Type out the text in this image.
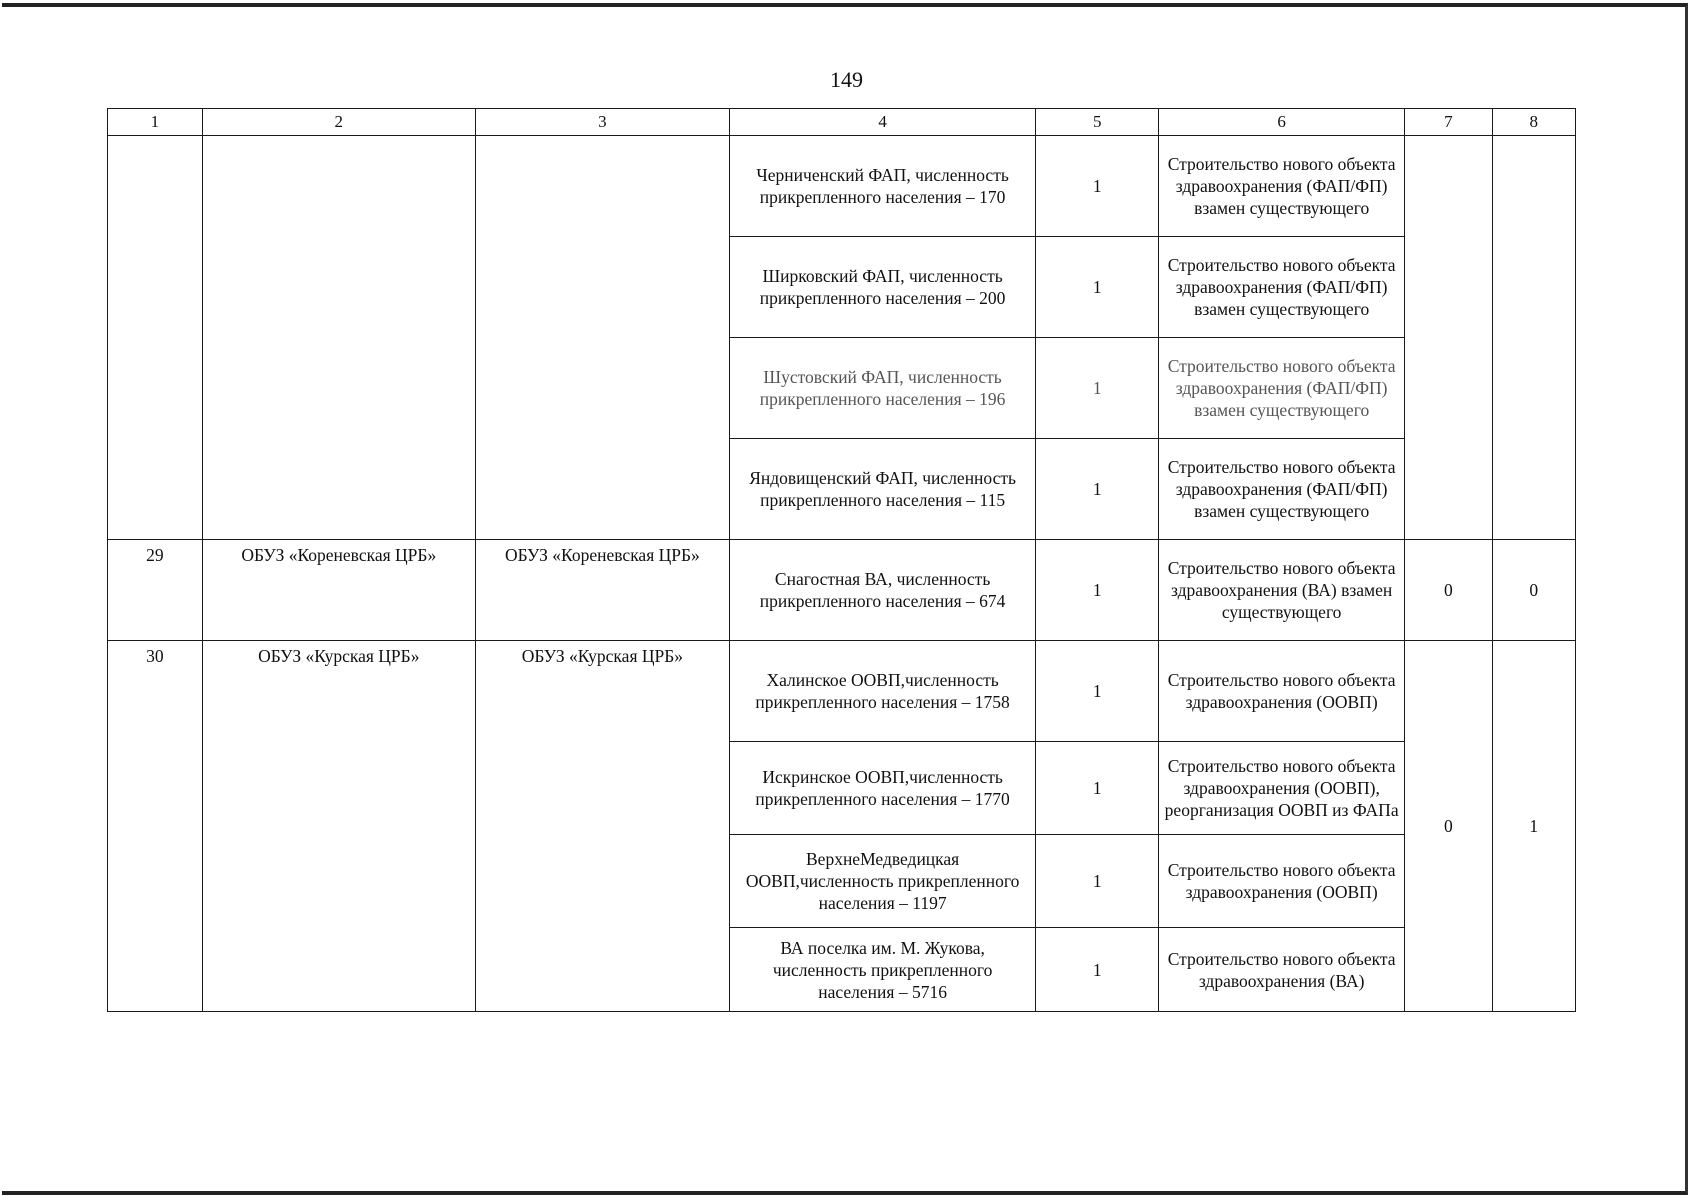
149
1	2	3	4	5	6	7	8
			Черниченский ФАП, численность прикрепленного населения – 170	1	Строительство нового объекта здравоохранения (ФАП/ФП) взамен существующего		
			Ширковский ФАП, численность прикрепленного населения – 200	1	Строительство нового объекта здравоохранения (ФАП/ФП) взамен существующего		
			Шустовский ФАП, численность прикрепленного населения – 196	1	Строительство нового объекта здравоохранения (ФАП/ФП) взамен существующего		
			Яндовищенский ФАП, численность прикрепленного населения – 115	1	Строительство нового объекта здравоохранения (ФАП/ФП) взамен существующего		
29	ОБУЗ «Кореневская ЦРБ»	ОБУЗ «Кореневская ЦРБ»	Снагостная ВА, численность прикрепленного населения – 674	1	Строительство нового объекта здравоохранения (ВА) взамен существующего	0	0
30	ОБУЗ «Курская ЦРБ»	ОБУЗ «Курская ЦРБ»	Халинское ООВП,численность прикрепленного населения – 1758	1	Строительство нового объекта здравоохранения (ООВП)	0	1
			Искринское ООВП,численность прикрепленного населения – 1770	1	Строительство нового объекта здравоохранения (ООВП), реорганизация ООВП из ФАПа		
			ВерхнеМедведицкая ООВП,численность прикрепленного населения – 1197	1	Строительство нового объекта здравоохранения (ООВП)		
			ВА поселка им. М. Жукова, численность прикрепленного населения – 5716	1	Строительство нового объекта здравоохранения (ВА)		
